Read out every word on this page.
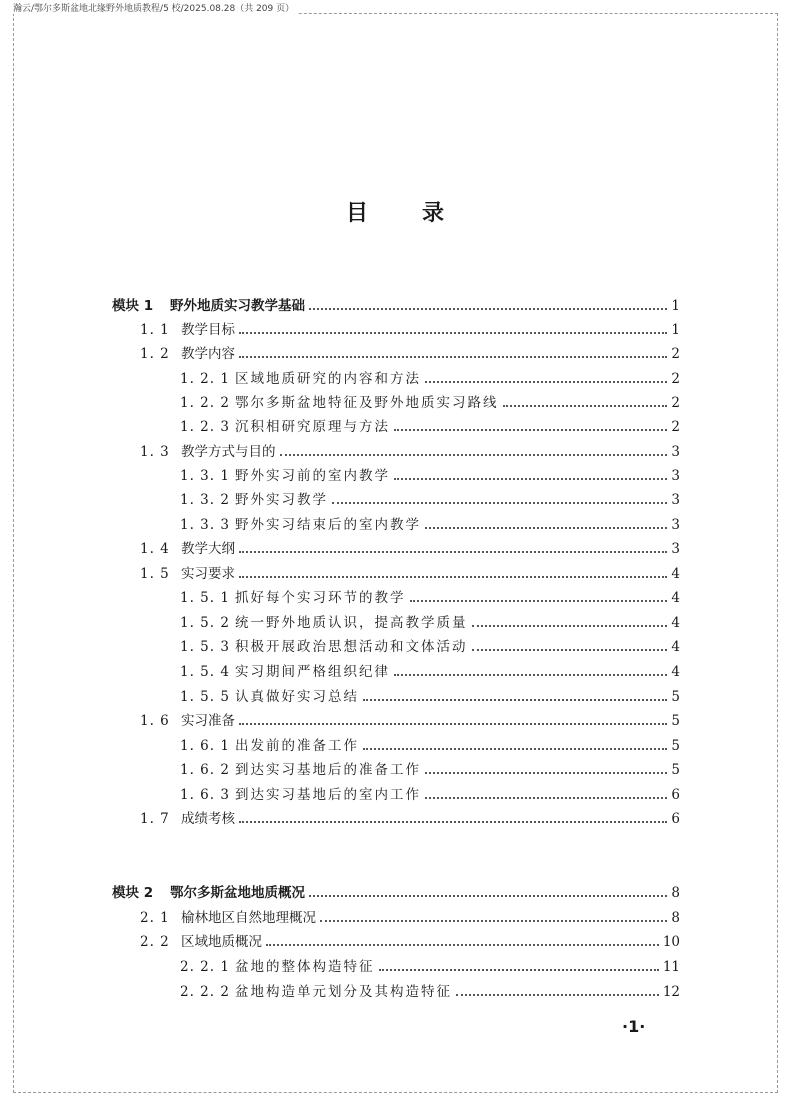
瀚云/鄂尔多斯盆地北缘野外地质教程/5 校/2025.08.28（共 209 页）
目录
模块 1	野外地质实习教学基础	1
1. 1 教学目标	1
1. 2 教学内容	2
1. 2. 1 区域地质研究的内容和方法	2
1. 2. 2 鄂尔多斯盆地特征及野外地质实习路线	2
1. 2. 3 沉积相研究原理与方法	2
1. 3 教学方式与目的	3
1. 3. 1 野外实习前的室内教学	3
1. 3. 2 野外实习教学	3
1. 3. 3 野外实习结束后的室内教学	3
1. 4 教学大纲	3
1. 5 实习要求	4
1. 5. 1 抓好每个实习环节的教学	4
1. 5. 2 统一野外地质认识，提高教学质量	4
1. 5. 3 积极开展政治思想活动和文体活动	4
1. 5. 4 实习期间严格组织纪律	4
1. 5. 5 认真做好实习总结	5
1. 6 实习准备	5
1. 6. 1 出发前的准备工作	5
1. 6. 2 到达实习基地后的准备工作	5
1. 6. 3 到达实习基地后的室内工作	6
1. 7 成绩考核	6
模块 2	鄂尔多斯盆地地质概况	8
2. 1 榆林地区自然地理概况	8
2. 2 区域地质概况	10
2. 2. 1 盆地的整体构造特征	11
2. 2. 2 盆地构造单元划分及其构造特征	12
·1·
